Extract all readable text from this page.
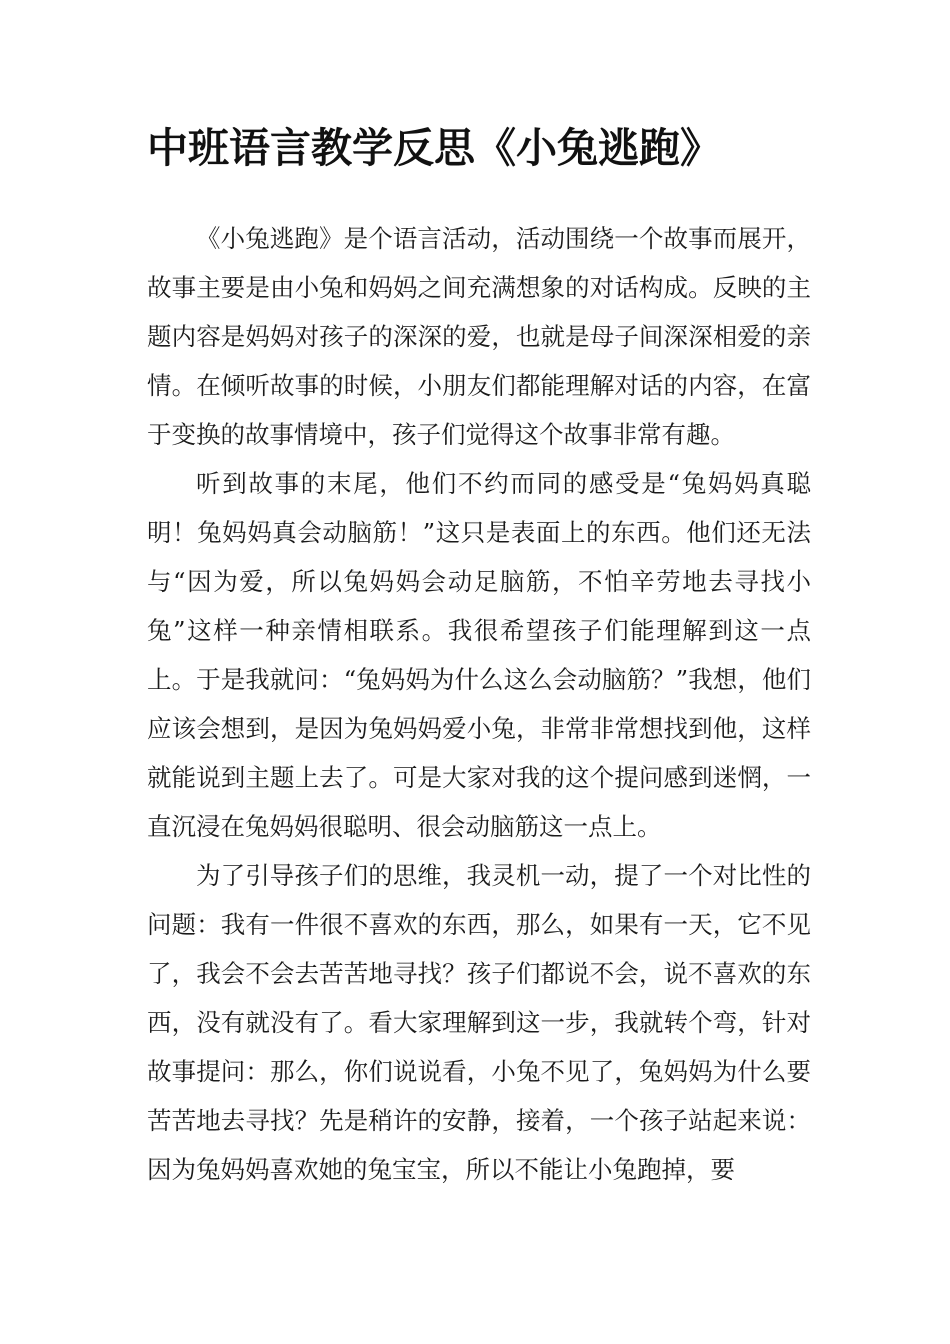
中班语言教学反思《小兔逃跑》

《小兔逃跑》是个语言活动，活动围绕一个故事而展开，故事主要是由小兔和妈妈之间充满想象的对话构成。反映的主题内容是妈妈对孩子的深深的爱，也就是母子间深深相爱的亲情。在倾听故事的时候，小朋友们都能理解对话的内容，在富于变换的故事情境中，孩子们觉得这个故事非常有趣。

听到故事的末尾，他们不约而同的感受是“兔妈妈真聪明！兔妈妈真会动脑筋！”这只是表面上的东西。他们还无法与“因为爱，所以兔妈妈会动足脑筋，不怕辛劳地去寻找小兔”这样一种亲情相联系。我很希望孩子们能理解到这一点上。于是我就问：“兔妈妈为什么这么会动脑筋？”我想，他们应该会想到，是因为兔妈妈爱小兔，非常非常想找到他，这样就能说到主题上去了。可是大家对我的这个提问感到迷惘，一直沉浸在兔妈妈很聪明、很会动脑筋这一点上。

为了引导孩子们的思维，我灵机一动，提了一个对比性的问题：我有一件很不喜欢的东西，那么，如果有一天，它不见了，我会不会去苦苦地寻找？孩子们都说不会，说不喜欢的东西，没有就没有了。看大家理解到这一步，我就转个弯，针对故事提问：那么，你们说说看，小兔不见了，兔妈妈为什么要苦苦地去寻找？先是稍许的安静，接着，一个孩子站起来说：因为兔妈妈喜欢她的兔宝宝，所以不能让小兔跑掉，要
